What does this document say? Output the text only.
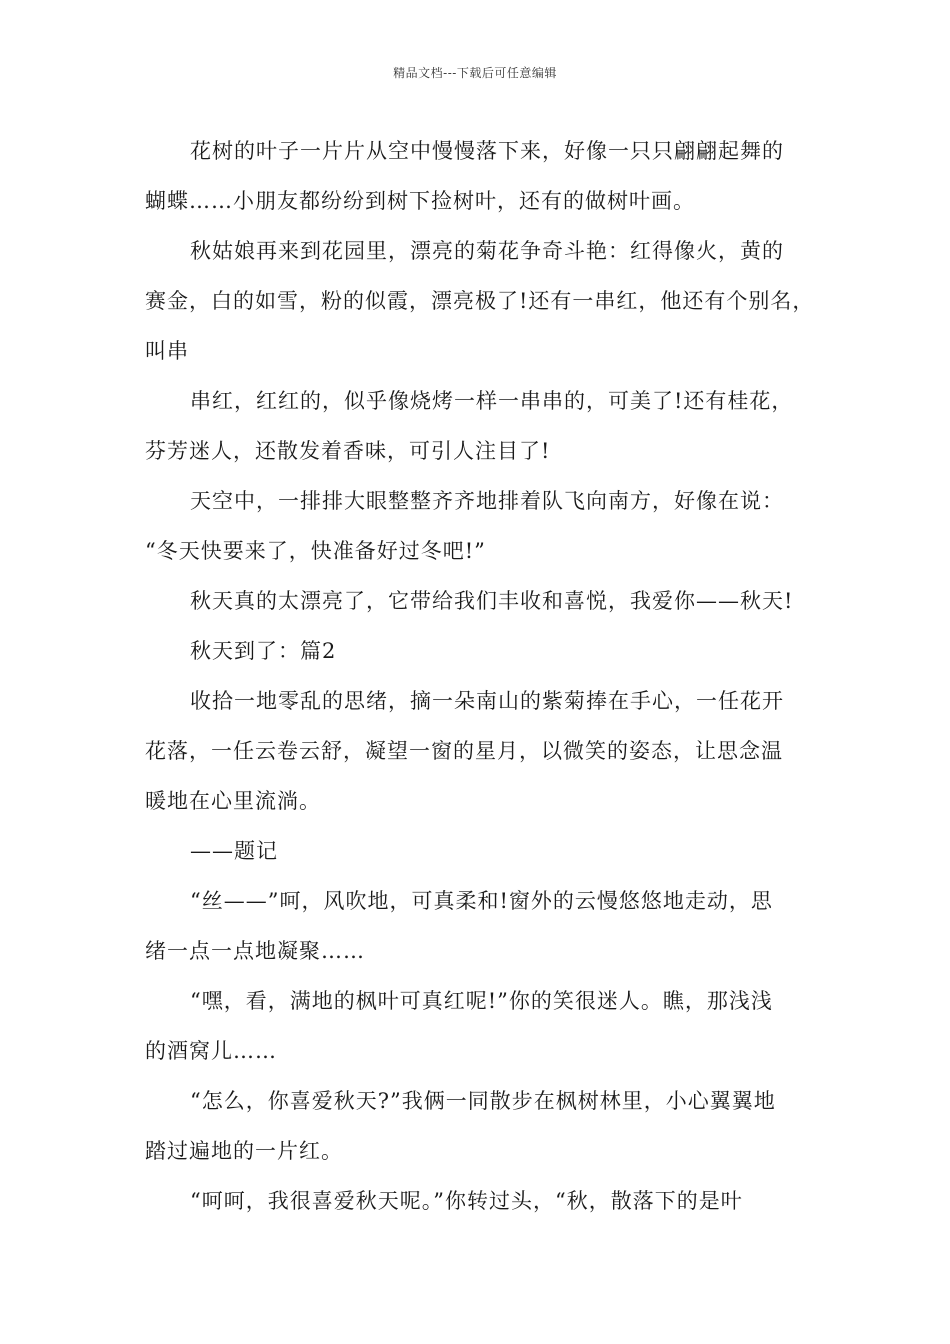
精品文档---下载后可任意编辑
花树的叶子一片片从空中慢慢落下来，好像一只只翩翩起舞的
蝴蝶……小朋友都纷纷到树下捡树叶，还有的做树叶画。
秋姑娘再来到花园里，漂亮的菊花争奇斗艳：红得像火，黄的
赛金，白的如雪，粉的似霞，漂亮极了!还有一串红，他还有个别名，
叫串
串红，红红的，似乎像烧烤一样一串串的，可美了!还有桂花，
芬芳迷人，还散发着香味，可引人注目了!
天空中，一排排大眼整整齐齐地排着队飞向南方，好像在说：
“冬天快要来了，快准备好过冬吧!”
秋天真的太漂亮了，它带给我们丰收和喜悦，我爱你——秋天!
秋天到了：篇2
收拾一地零乱的思绪，摘一朵南山的紫菊捧在手心，一任花开
花落，一任云卷云舒，凝望一窗的星月，以微笑的姿态，让思念温
暖地在心里流淌。
——题记
“丝——”呵，风吹地，可真柔和!窗外的云慢悠悠地走动，思
绪一点一点地凝聚……
“嘿，看，满地的枫叶可真红呢!”你的笑很迷人。瞧，那浅浅
的酒窝儿……
“怎么，你喜爱秋天?”我俩一同散步在枫树林里，小心翼翼地
踏过遍地的一片红。
“呵呵，我很喜爱秋天呢。”你转过头，“秋，散落下的是叶
